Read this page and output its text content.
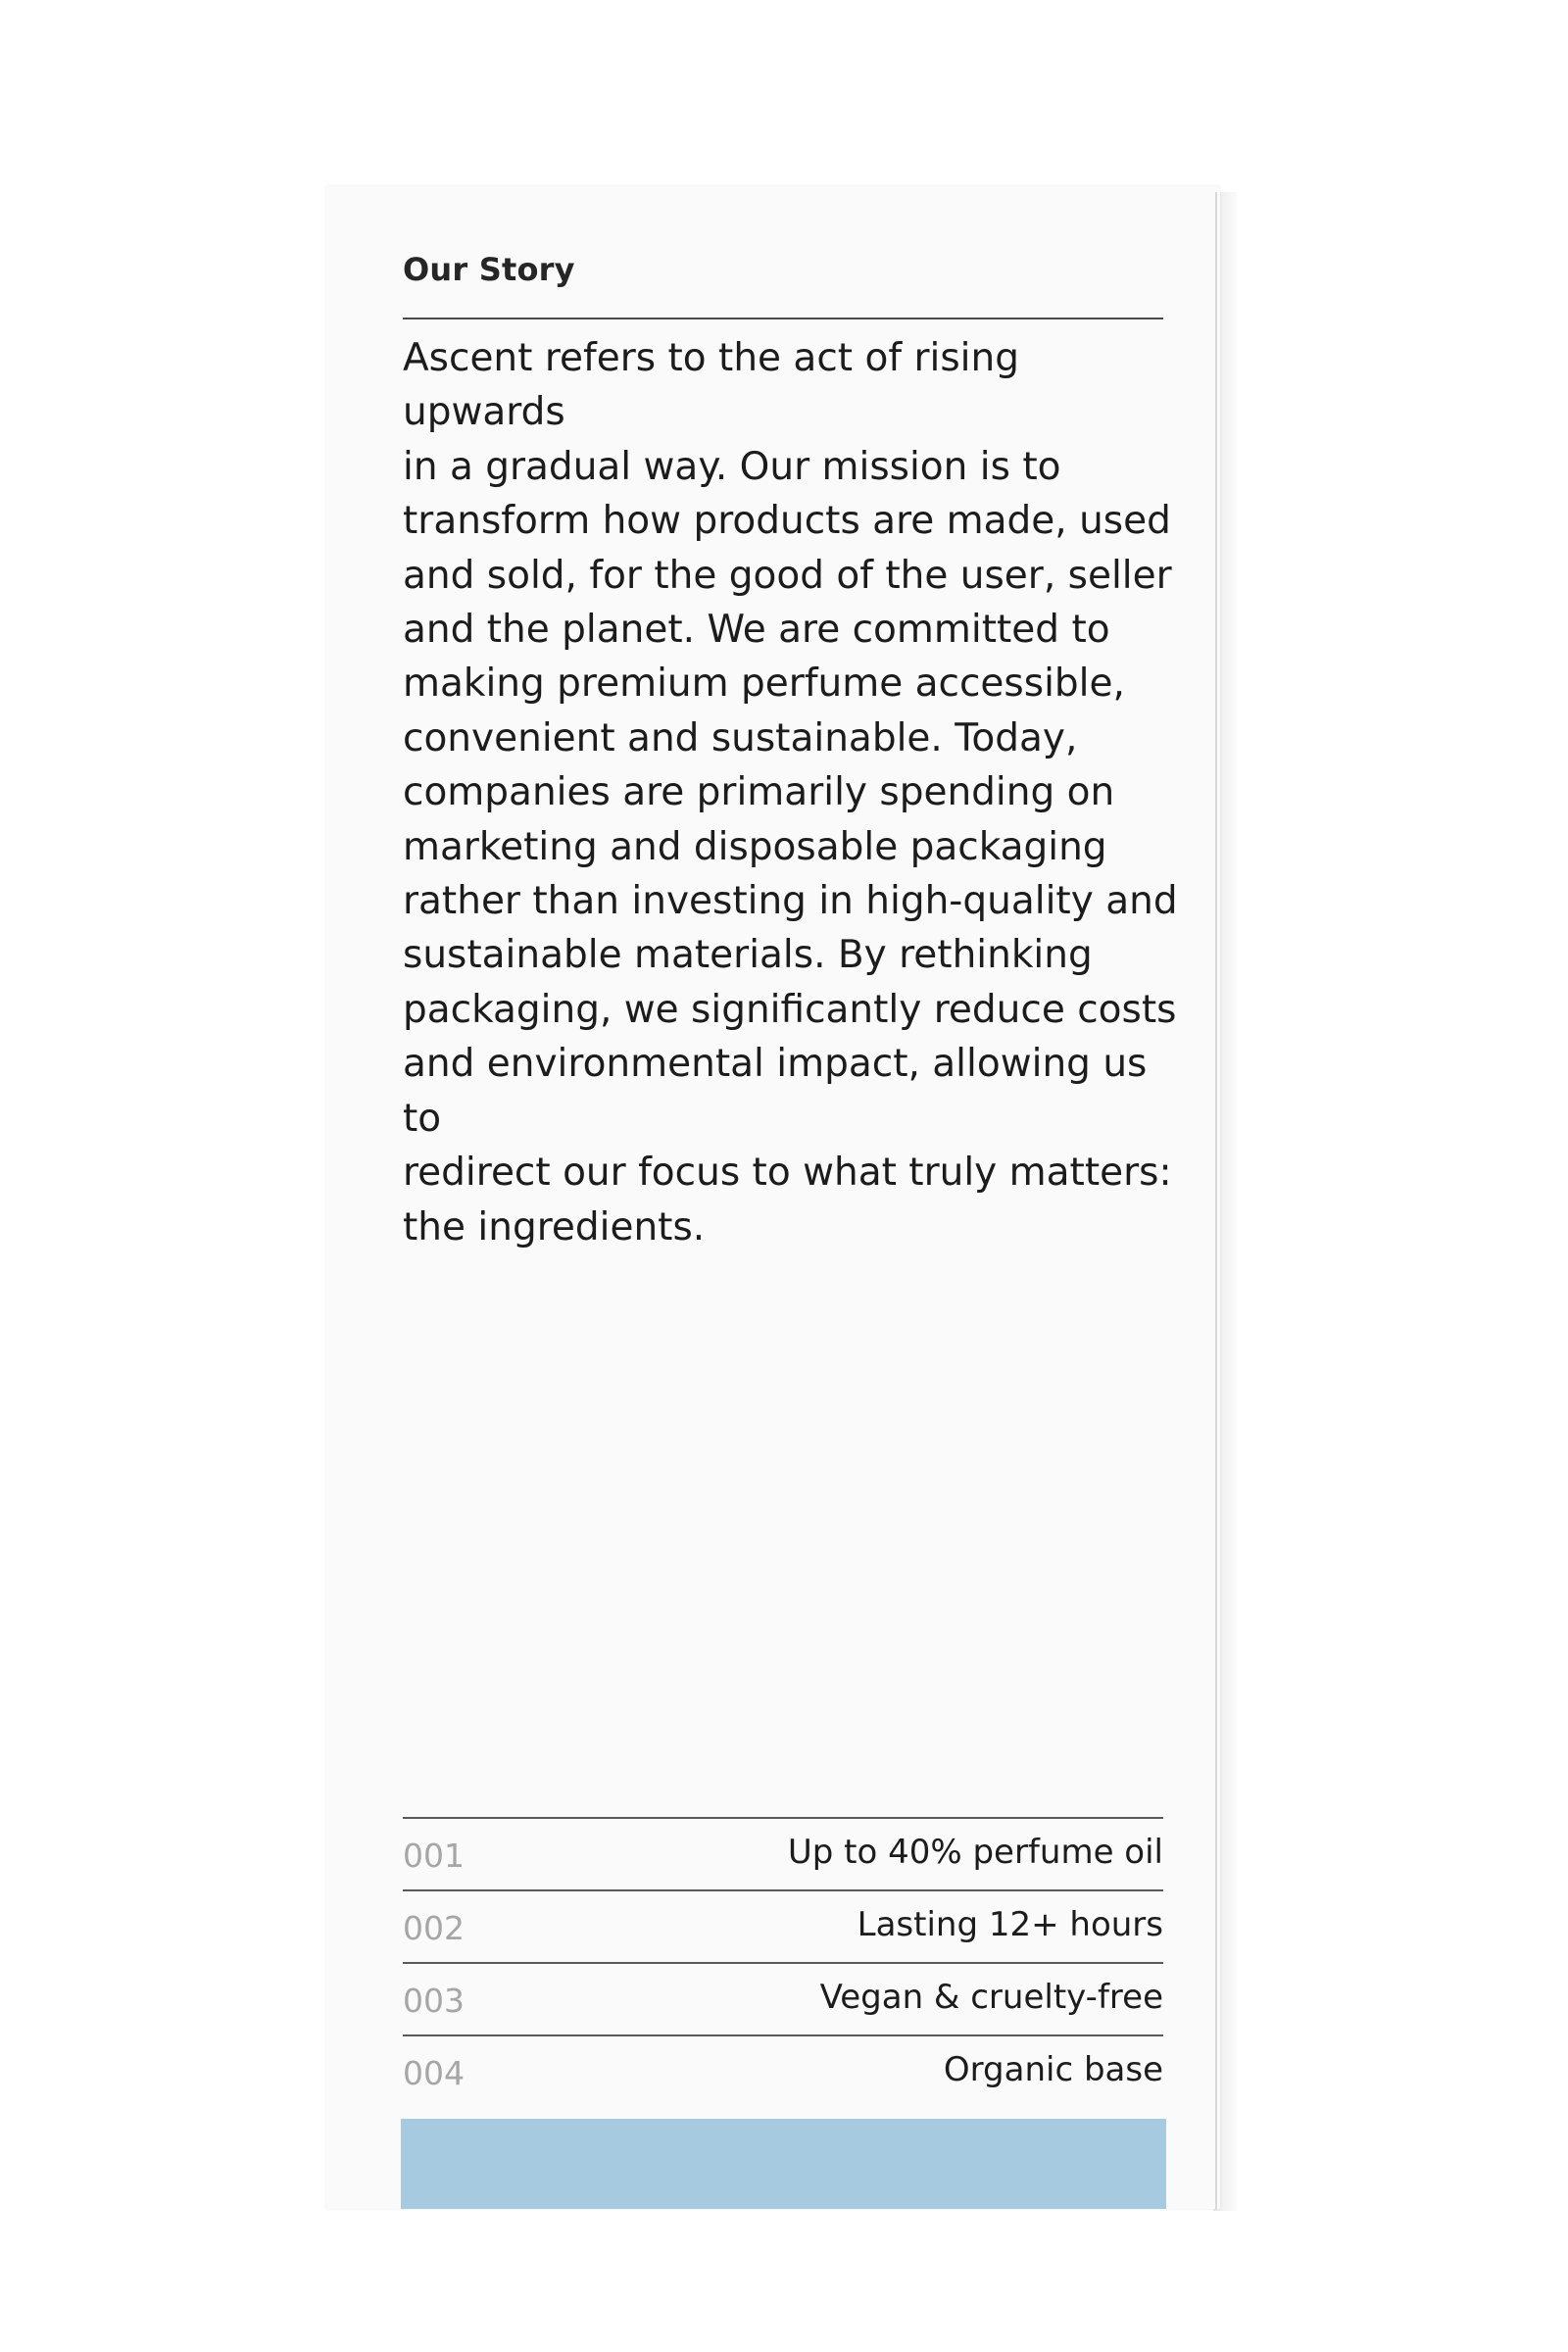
Our Story

Ascent refers to the act of rising upwards
in a gradual way. Our mission is to
transform how products are made, used
and sold, for the good of the user, seller
and the planet. We are committed to
making premium perfume accessible,
convenient and sustainable. Today,
companies are primarily spending on
marketing and disposable packaging
rather than investing in high-quality and
sustainable materials. By rethinking
packaging, we significantly reduce costs
and environmental impact, allowing us to
redirect our focus to what truly matters:
the ingredients.

001	Up to 40% perfume oil
002	Lasting 12+ hours
003	Vegan & cruelty-free
004	Organic base
